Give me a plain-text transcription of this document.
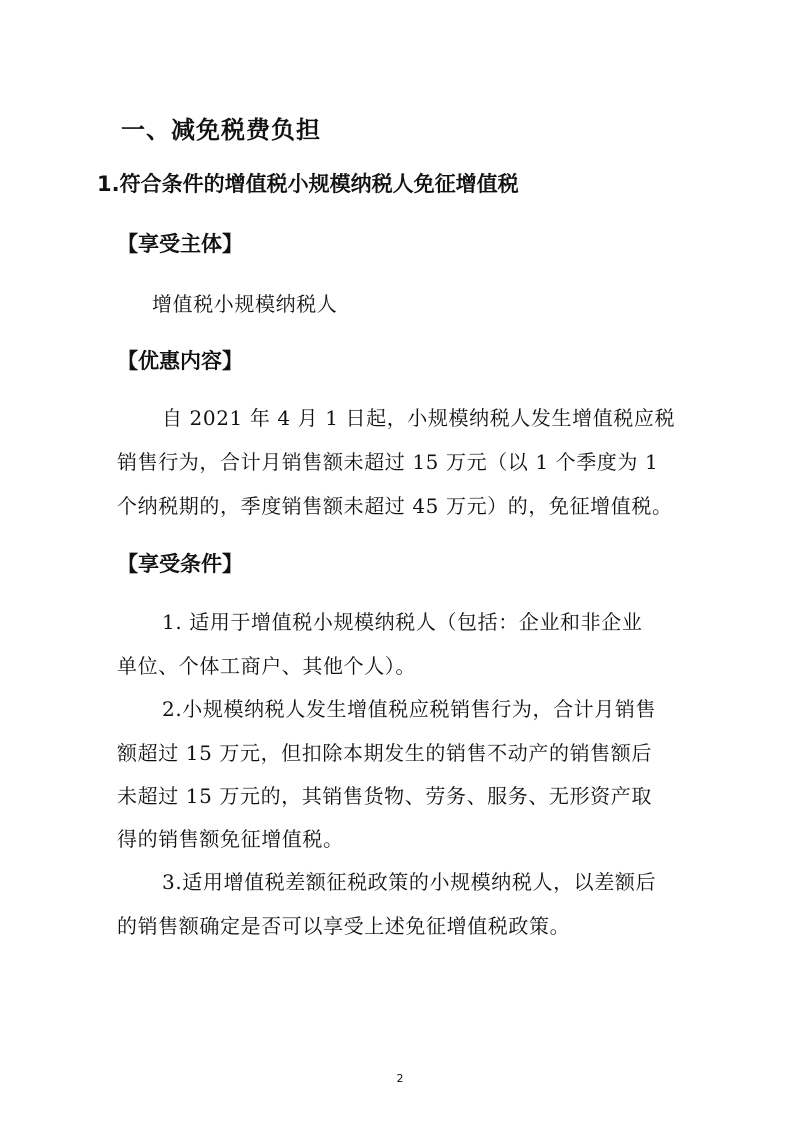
一、减免税费负担
1.符合条件的增值税小规模纳税人免征增值税
【享受主体】
增值税小规模纳税人
【优惠内容】
自 2021 年 4 月 1 日起，小规模纳税人发生增值税应税
销售行为，合计月销售额未超过 15 万元（以 1 个季度为 1
个纳税期的，季度销售额未超过 45 万元）的，免征增值税。
【享受条件】
1. 适用于增值税小规模纳税人（包括：企业和非企业
单位、个体工商户、其他个人）。
2.小规模纳税人发生增值税应税销售行为，合计月销售
额超过 15 万元，但扣除本期发生的销售不动产的销售额后
未超过 15 万元的，其销售货物、劳务、服务、无形资产取
得的销售额免征增值税。
3.适用增值税差额征税政策的小规模纳税人，以差额后
的销售额确定是否可以享受上述免征增值税政策。
2
